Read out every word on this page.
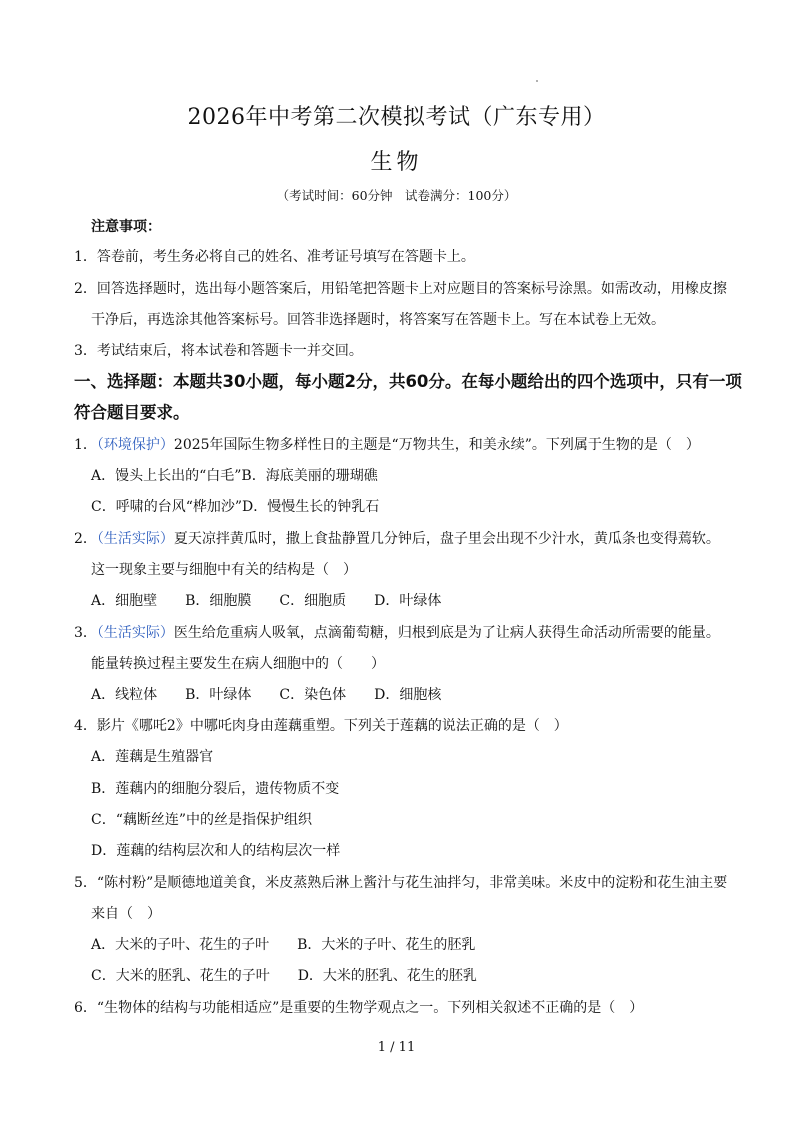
2026年中考第二次模拟考试（广东专用）
生物
（考试时间：60分钟　试卷满分：100分）
注意事项：
1．答卷前，考生务必将自己的姓名、准考证号填写在答题卡上。
2．回答选择题时，选出每小题答案后，用铅笔把答题卡上对应题目的答案标号涂黑。如需改动，用橡皮擦
干净后，再选涂其他答案标号。回答非选择题时，将答案写在答题卡上。写在本试卷上无效。
3．考试结束后，将本试卷和答题卡一并交回。
一、选择题：本题共30小题，每小题2分，共60分。在每小题给出的四个选项中，只有一项
符合题目要求。
1．（环境保护）2025年国际生物多样性日的主题是“万物共生，和美永续”。下列属于生物的是（　）
A．馒头上长出的“白毛”B．海底美丽的珊瑚礁
C．呼啸的台风“桦加沙”D．慢慢生长的钟乳石
2．（生活实际）夏天凉拌黄瓜时，撒上食盐静置几分钟后，盘子里会出现不少汁水，黄瓜条也变得蔫软。
这一现象主要与细胞中有关的结构是（　）
A．细胞壁　　B．细胞膜　　C．细胞质　　D．叶绿体
3．（生活实际）医生给危重病人吸氧，点滴葡萄糖，归根到底是为了让病人获得生命活动所需要的能量。
能量转换过程主要发生在病人细胞中的（　　）
A．线粒体　　B．叶绿体　　C．染色体　　D．细胞核
4．影片《哪吒2》中哪吒肉身由莲藕重塑。下列关于莲藕的说法正确的是（　）
A．莲藕是生殖器官
B．莲藕内的细胞分裂后，遗传物质不变
C．“藕断丝连”中的丝是指保护组织
D．莲藕的结构层次和人的结构层次一样
5．“陈村粉”是顺德地道美食，米皮蒸熟后淋上酱汁与花生油拌匀，非常美味。米皮中的淀粉和花生油主要
来自（　）
A．大米的子叶、花生的子叶　　B．大米的子叶、花生的胚乳
C．大米的胚乳、花生的子叶　　D．大米的胚乳、花生的胚乳
6．“生物体的结构与功能相适应”是重要的生物学观点之一。下列相关叙述不正确的是（　）
1 / 11
